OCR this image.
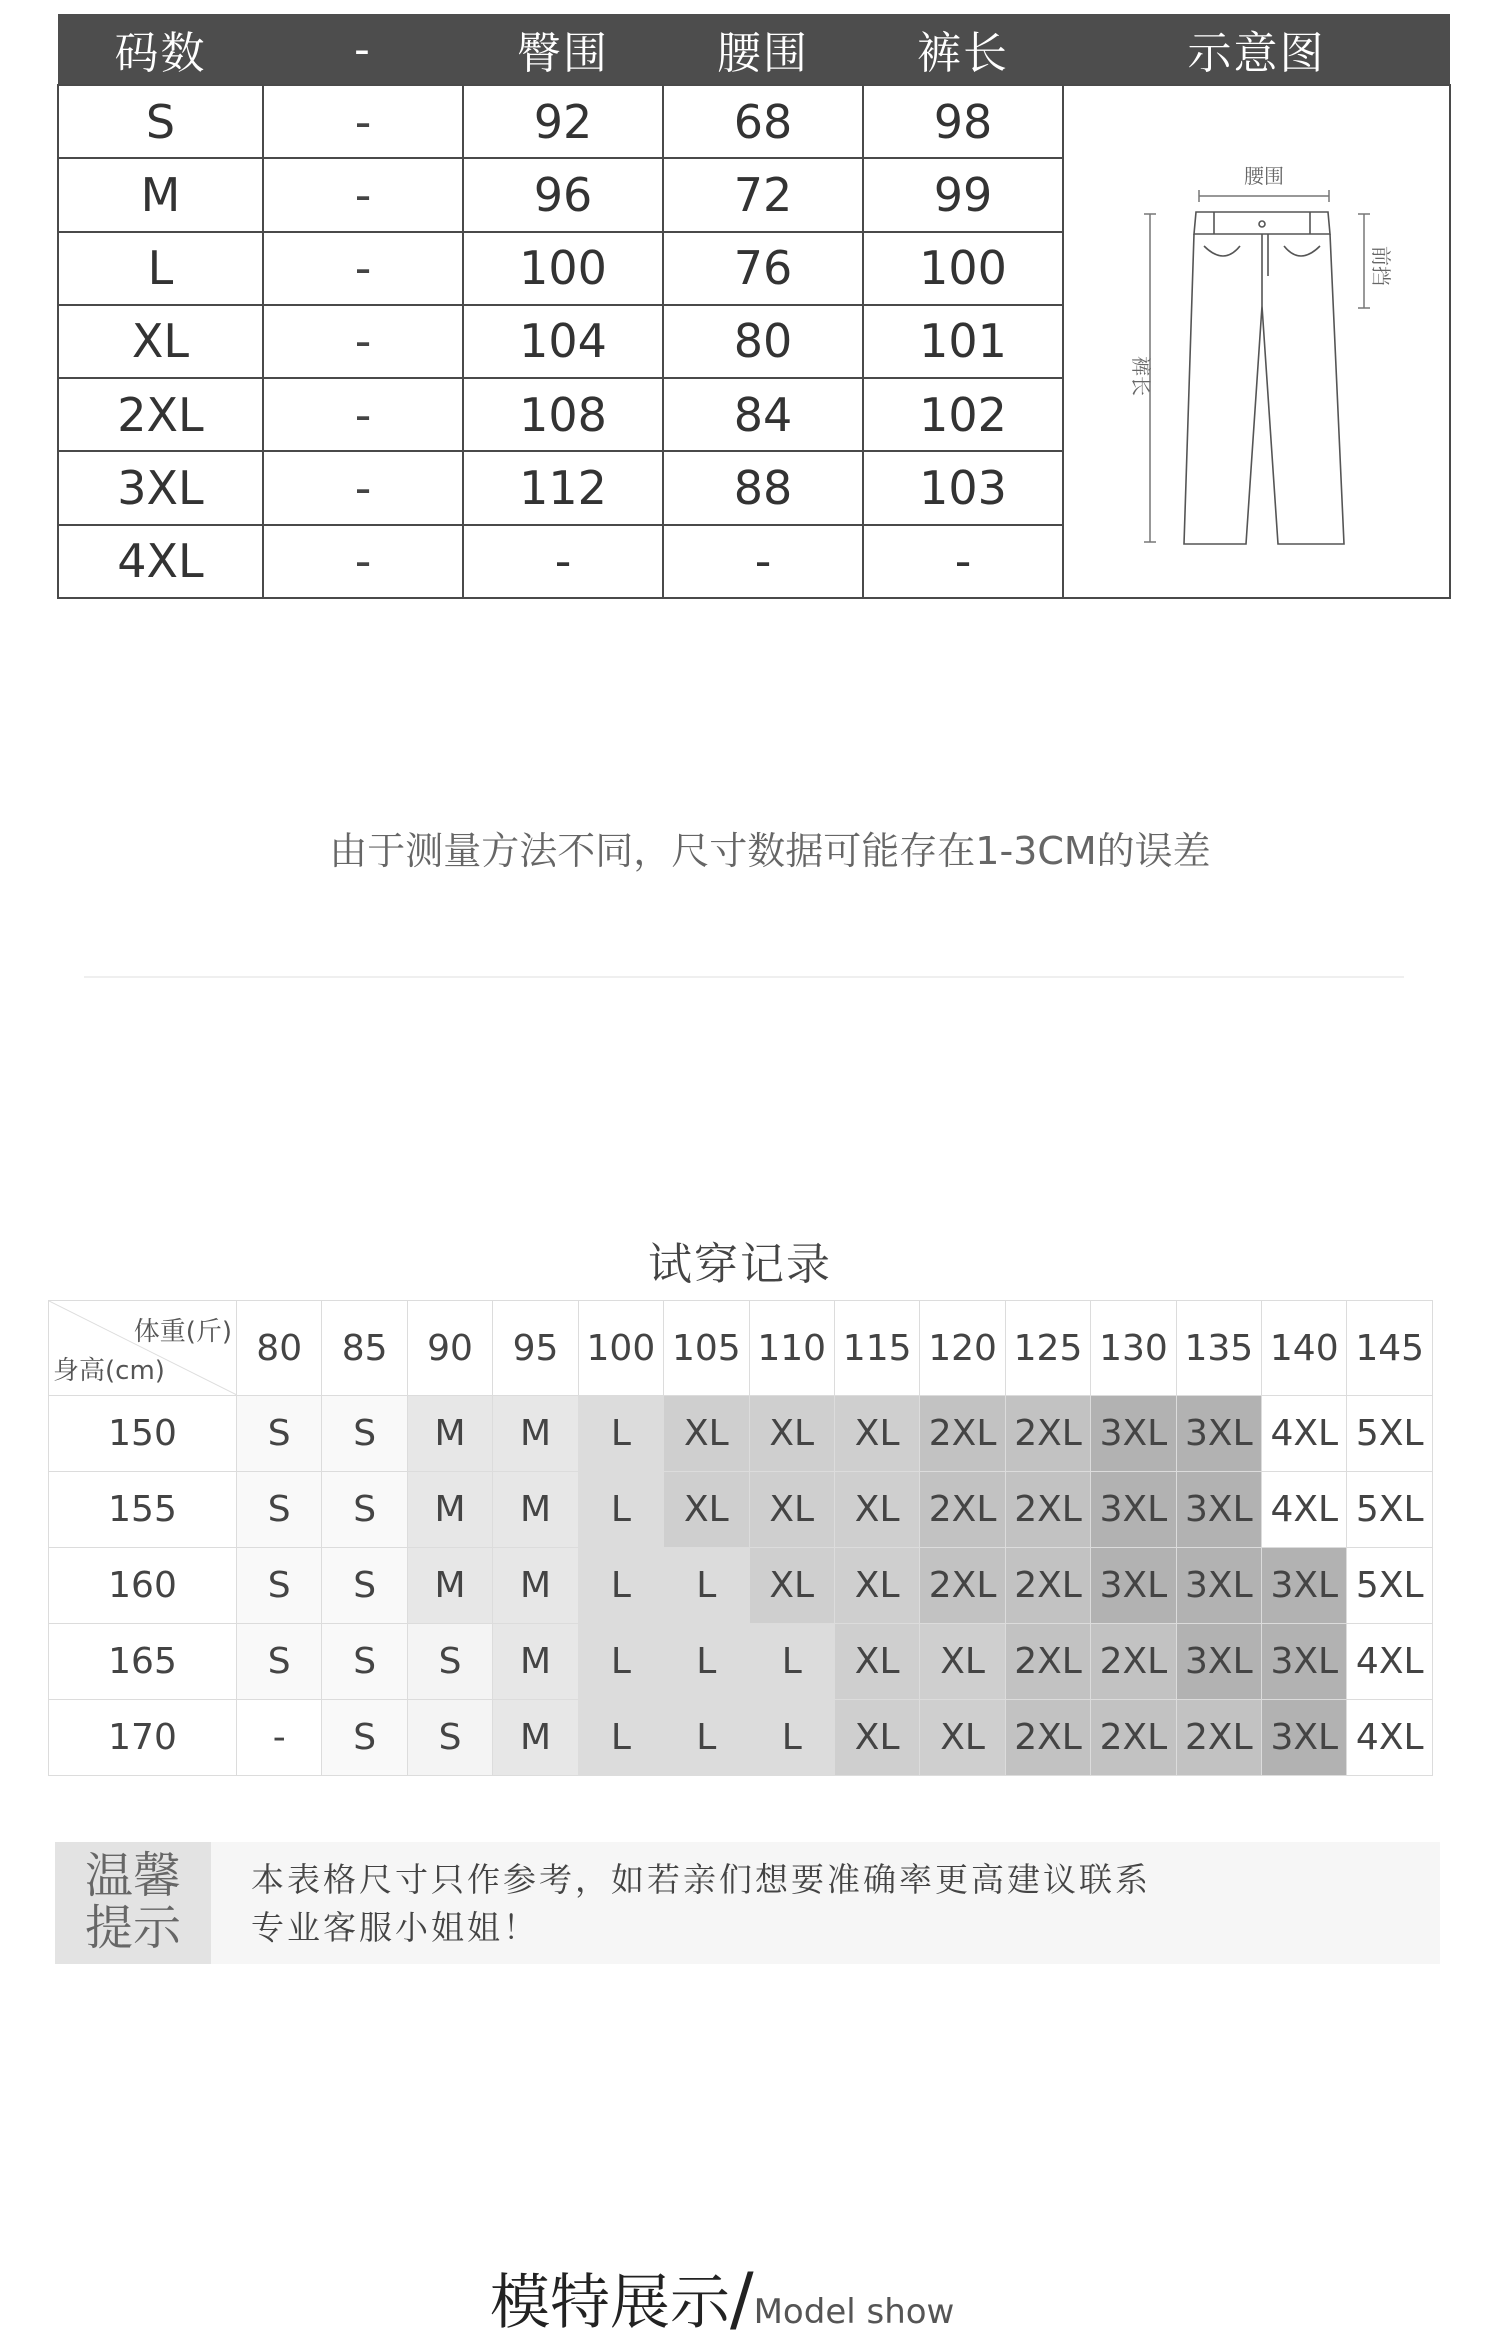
码数	-	臀围	腰围	裤长	示意图
S	-	92	68	98	腰围
前挡
裤长

M	-	96	72	99	
L	-	100	76	100	
XL	-	104	80	101	
2XL	-	108	84	102	
3XL	-	112	88	103	
4XL	-	-	-	-	
由于测量方法不同，尺寸数据可能存在1-3CM的误差
试穿记录
体重(斤)
身高(cm)	80	85	90	95	100	105	110	115	120	125	130	135	140	145
150	S	S	M	M	L	XL	XL	XL	2XL	2XL	3XL	3XL	4XL	5XL
155	S	S	M	M	L	XL	XL	XL	2XL	2XL	3XL	3XL	4XL	5XL
160	S	S	M	M	L	L	XL	XL	2XL	2XL	3XL	3XL	3XL	5XL
165	S	S	S	M	L	L	L	XL	XL	2XL	2XL	3XL	3XL	4XL
170	-	S	S	M	L	L	L	XL	XL	2XL	2XL	2XL	3XL	4XL
温馨
提示
本表格尺寸只作参考，如若亲们想要准确率更高建议联系
专业客服小姐姐！
模特展示/Model show
